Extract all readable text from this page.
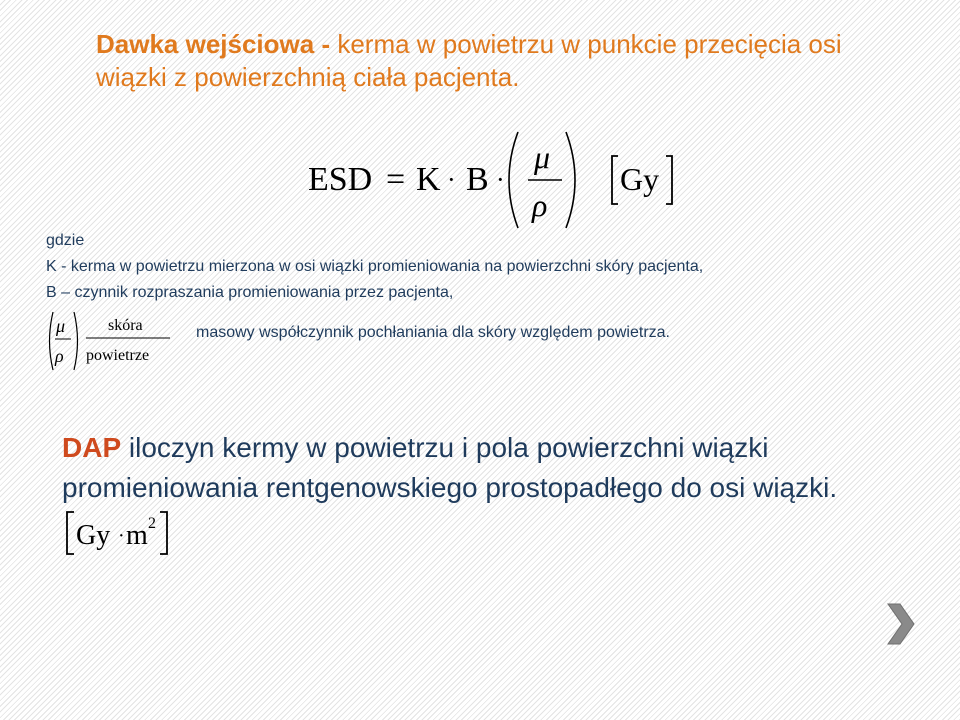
Dawka wejściowa - kerma w powietrzu w punkcie przecięcia osi wiązki z powierzchnią ciała pacjenta.
ESD = K · B ·
μ
ρ
Gy
gdzie
K - kerma w powietrzu mierzona w osi wiązki promieniowania na powierzchni skóry pacjenta,
B – czynnik rozpraszania promieniowania przez pacjenta,
μ
ρ
skóra
powietrze
masowy współczynnik pochłaniania dla skóry względem powietrza.
DAP iloczyn kermy w powietrzu i pola powierzchni wiązki promieniowania rentgenowskiego prostopadłego do osi wiązki.
Gy · m 2
